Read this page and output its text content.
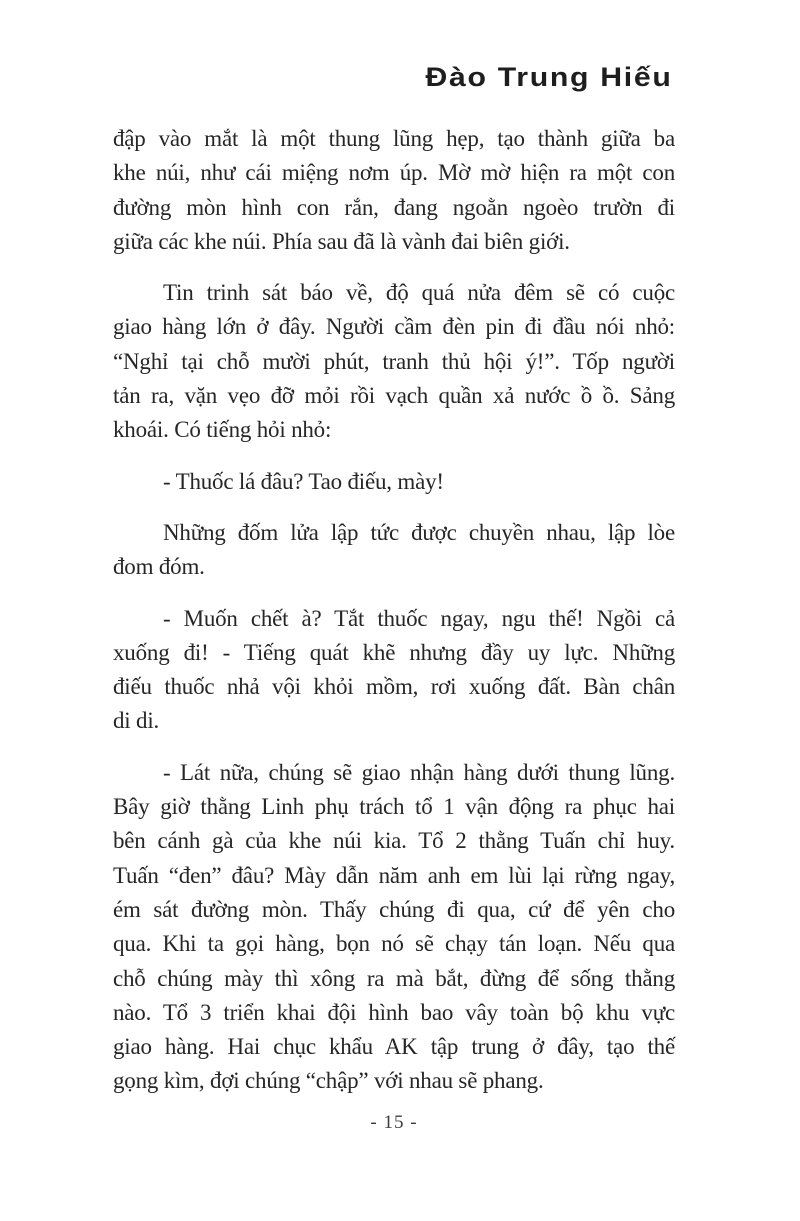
Đào Trung Hiếu
đập vào mắt là một thung lũng hẹp, tạo thành giữa ba
khe núi, như cái miệng nơm úp. Mờ mờ hiện ra một con
đường mòn hình con rắn, đang ngoằn ngoèo trườn đi
giữa các khe núi. Phía sau đã là vành đai biên giới.
Tin trinh sát báo về, độ quá nửa đêm sẽ có cuộc
giao hàng lớn ở đây. Người cầm đèn pin đi đầu nói nhỏ:
“Nghỉ tại chỗ mười phút, tranh thủ hội ý!”. Tốp người
tản ra, vặn vẹo đỡ mỏi rồi vạch quần xả nước ồ ồ. Sảng
khoái. Có tiếng hỏi nhỏ:
- Thuốc lá đâu? Tao điếu, mày!
Những đốm lửa lập tức được chuyền nhau, lập lòe
đom đóm.
- Muốn chết à? Tắt thuốc ngay, ngu thế! Ngồi cả
xuống đi! - Tiếng quát khẽ nhưng đầy uy lực. Những
điếu thuốc nhả vội khỏi mồm, rơi xuống đất. Bàn chân
di di.
- Lát nữa, chúng sẽ giao nhận hàng dưới thung lũng.
Bây giờ thằng Linh phụ trách tổ 1 vận động ra phục hai
bên cánh gà của khe núi kia. Tổ 2 thằng Tuấn chỉ huy.
Tuấn “đen” đâu? Mày dẫn năm anh em lùi lại rừng ngay,
ém sát đường mòn. Thấy chúng đi qua, cứ để yên cho
qua. Khi ta gọi hàng, bọn nó sẽ chạy tán loạn. Nếu qua
chỗ chúng mày thì xông ra mà bắt, đừng để sống thằng
nào. Tổ 3 triển khai đội hình bao vây toàn bộ khu vực
giao hàng. Hai chục khẩu AK tập trung ở đây, tạo thế
gọng kìm, đợi chúng “chập” với nhau sẽ phang.
- 15 -
